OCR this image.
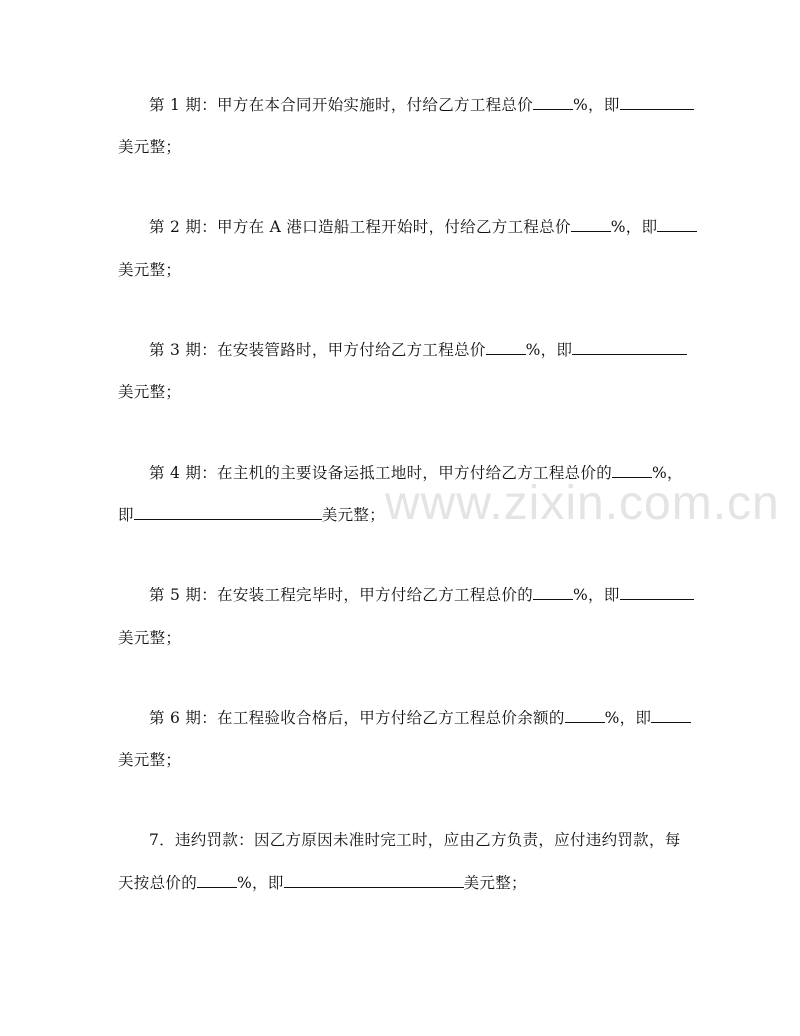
www.zixin.com.cn
第 1 期：甲方在本合同开始实施时，付给乙方工程总价	%，即
美元整；
第 2 期：甲方在 A 港口造船工程开始时，付给乙方工程总价	%，即
美元整；
第 3 期：在安装管路时，甲方付给乙方工程总价	%，即
美元整；
第 4 期：在主机的主要设备运抵工地时，甲方付给乙方工程总价的	%，
即	美元整；
第 5 期：在安装工程完毕时，甲方付给乙方工程总价的	%，即
美元整；
第 6 期：在工程验收合格后，甲方付给乙方工程总价余额的	%，即
美元整；
7．违约罚款：因乙方原因未准时完工时，应由乙方负责，应付违约罚款，每
天按总价的	%，即	美元整；
